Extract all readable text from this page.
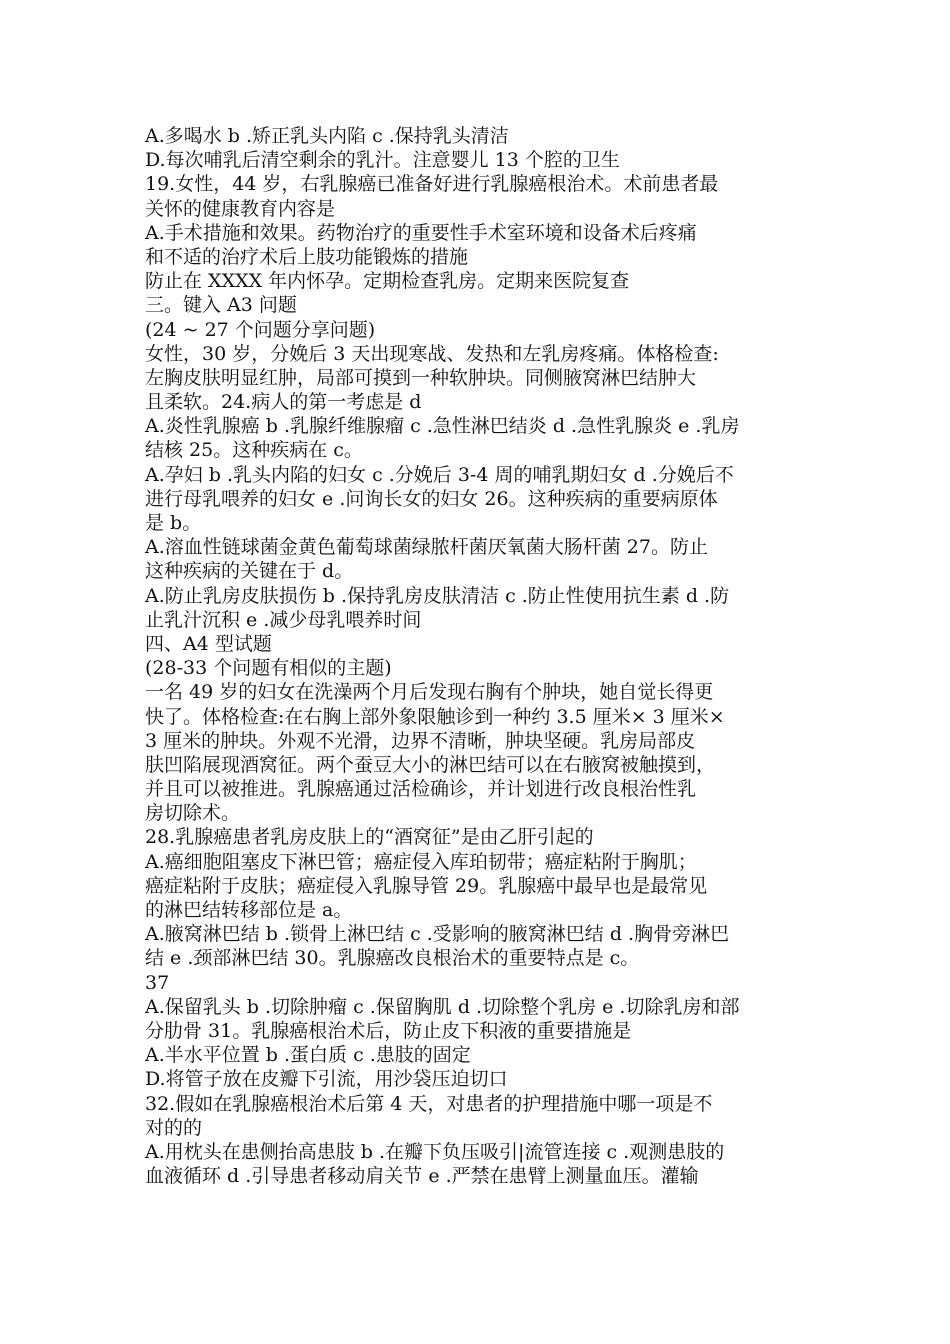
A.多喝水 b .矫正乳头内陷 c .保持乳头清洁
D.每次哺乳后清空剩余的乳汁。注意婴儿 13 个腔的卫生
19.女性，44 岁，右乳腺癌已准备好进行乳腺癌根治术。术前患者最
关怀的健康教育内容是
A.手术措施和效果。药物治疗的重要性手术室环境和设备术后疼痛
和不适的治疗术后上肢功能锻炼的措施
防止在 XXXX 年内怀孕。定期检查乳房。定期来医院复查
三。键入 A3 问题
(24 ~ 27 个问题分享问题)
女性，30 岁，分娩后 3 天出现寒战、发热和左乳房疼痛。体格检查:
左胸皮肤明显红肿，局部可摸到一种软肿块。同侧腋窝淋巴结肿大
且柔软。24.病人的第一考虑是 d
A.炎性乳腺癌 b .乳腺纤维腺瘤 c .急性淋巴结炎 d .急性乳腺炎 e .乳房
结核 25。这种疾病在 c。
A.孕妇 b .乳头内陷的妇女 c .分娩后 3-4 周的哺乳期妇女 d .分娩后不
进行母乳喂养的妇女 e .问询长女的妇女 26。这种疾病的重要病原体
是 b。
A.溶血性链球菌金黄色葡萄球菌绿脓杆菌厌氧菌大肠杆菌 27。防止
这种疾病的关键在于 d。
A.防止乳房皮肤损伤 b .保持乳房皮肤清洁 c .防止性使用抗生素 d .防
止乳汁沉积 e .减少母乳喂养时间
四、A4 型试题
(28-33 个问题有相似的主题)
一名 49 岁的妇女在洗澡两个月后发现右胸有个肿块，她自觉长得更
快了。体格检查:在右胸上部外象限触诊到一种约 3.5 厘米× 3 厘米×
3 厘米的肿块。外观不光滑，边界不清晰，肿块坚硬。乳房局部皮
肤凹陷展现酒窝征。两个蚕豆大小的淋巴结可以在右腋窝被触摸到，
并且可以被推进。乳腺癌通过活检确诊，并计划进行改良根治性乳
房切除术。
28.乳腺癌患者乳房皮肤上的“酒窝征”是由乙肝引起的
A.癌细胞阻塞皮下淋巴管；癌症侵入库珀韧带；癌症粘附于胸肌；
癌症粘附于皮肤；癌症侵入乳腺导管 29。乳腺癌中最早也是最常见
的淋巴结转移部位是 a。
A.腋窝淋巴结 b .锁骨上淋巴结 c .受影响的腋窝淋巴结 d .胸骨旁淋巴
结 e .颈部淋巴结 30。乳腺癌改良根治术的重要特点是 c。
37
A.保留乳头 b .切除肿瘤 c .保留胸肌 d .切除整个乳房 e .切除乳房和部
分肋骨 31。乳腺癌根治术后，防止皮下积液的重要措施是
A.半水平位置 b .蛋白质 c .患肢的固定
D.将管子放在皮瓣下引流，用沙袋压迫切口
32.假如在乳腺癌根治术后第 4 天，对患者的护理措施中哪一项是不
对的的
A.用枕头在患侧抬高患肢 b .在瓣下负压吸引|流管连接 c .观测患肢的
血液循环 d .引导患者移动肩关节 e .严禁在患臂上测量血压。灌输
